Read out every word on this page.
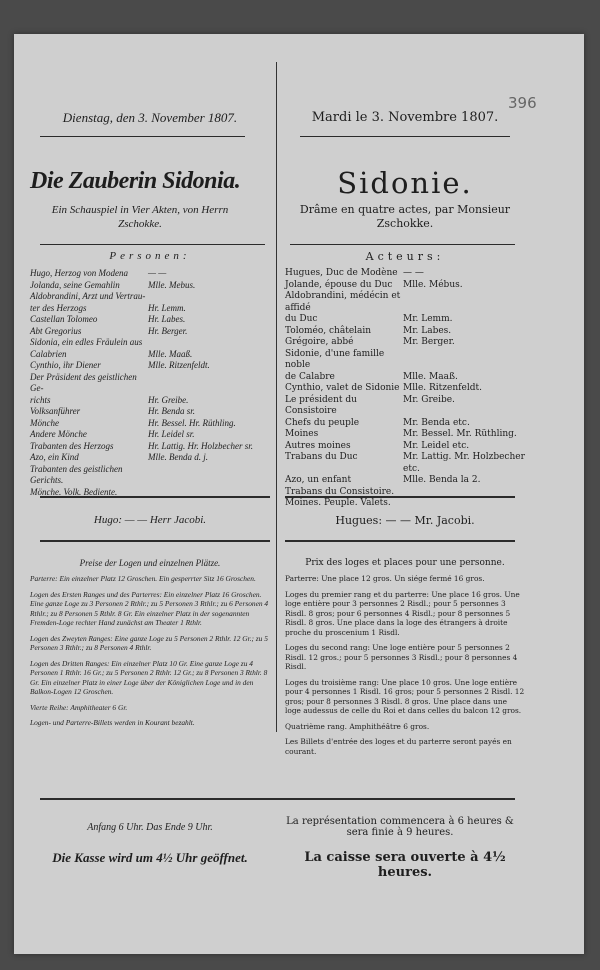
396
Dienstag, den 3. November 1807.	Mardi le 3. Novembre 1807.
Die Zauberin Sidonia.	Sidonie.
Ein Schauspiel in Vier Akten, von Herrn Zschokke.
Drâme en quatre actes, par Monsieur Zschokke.
Personen:	Acteurs:
Hugo, Herzog von Modena	— —
Jolanda, seine Gemahlin	Mlle. Mebus.
Aldobrandini, Arzt und Vertrau-	
ter des Herzogs	Hr. Lemm.
Castellan Tolomeo	Hr. Labes.
Abt Gregorius	Hr. Berger.
Sidonia, ein edles Fräulein aus	
Calabrien	Mlle. Maaß.
Cynthio, ihr Diener	Mlle. Ritzenfeldt.
Der Präsident des geistlichen Ge-	
richts	Hr. Greibe.
Volksanführer	Hr. Benda sr.
Mönche	Hr. Bessel. Hr. Rüthling.
Andere Mönche	Hr. Leidel sr.
Trabanten des Herzogs	Hr. Lattig. Hr. Holzbecher sr.
Azo, ein Kind	Mlle. Benda d. j.
Trabanten des geistlichen Gerichts.	
Mönche. Volk. Bediente.	
Hugues, Duc de Modène	— —
Jolande, épouse du Duc	Mlle. Mébus.
Aldobrandini, médécin et affidé	
du Duc	Mr. Lemm.
Toloméo, châtelain	Mr. Labes.
Grégoire, abbé	Mr. Berger.
Sidonie, d'une famille noble	
de Calabre	Mlle. Maaß.
Cynthio, valet de Sidonie	Mlle. Ritzenfeldt.
Le président du Consistoire	Mr. Greibe.
Chefs du peuple	Mr. Benda etc.
Moines	Mr. Bessel. Mr. Rüthling.
Autres moines	Mr. Leidel etc.
Trabans du Duc	Mr. Lattig. Mr. Holzbecher etc.
Azo, un enfant	Mlle. Benda la 2.
Trabans du Consistoire.	
Moines. Peuple. Valets.	
Hugo: — — Herr Jacobi.	Hugues: — — Mr. Jacobi.
Preise der Logen und einzelnen Plätze.	Prix des loges et places pour une personne.
Parterre: Ein einzelner Platz 12 Groschen. Ein gesperrter Sitz 16 Groschen.
Logen des Ersten Ranges und des Parterres: Ein einzelner Platz 16 Groschen. Eine ganze Loge zu 3 Personen 2 Rthlr.; zu 5 Personen 3 Rthlr.; zu 6 Personen 4 Rthlr.; zu 8 Personen 5 Rthlr. 8 Gr. Ein einzelner Platz in der sogenannten Fremden-Loge rechter Hand zunächst am Theater 1 Rthlr.
Logen des Zweyten Ranges: Eine ganze Loge zu 5 Personen 2 Rthlr. 12 Gr.; zu 5 Personen 3 Rthlr.; zu 8 Personen 4 Rthlr.
Logen des Dritten Ranges: Ein einzelner Platz 10 Gr. Eine ganze Loge zu 4 Personen 1 Rthlr. 16 Gr.; zu 5 Personen 2 Rthlr. 12 Gr.; zu 8 Personen 3 Rthlr. 8 Gr. Ein einzelner Platz in einer Loge über der Königlichen Loge und in den Balkon-Logen 12 Groschen.
Vierte Reihe: Amphitheater 6 Gr.
Logen- und Parterre-Billets werden in Kourant bezahlt.
Parterre: Une place 12 gros. Un siége fermé 16 gros.
Loges du premier rang et du parterre: Une place 16 gros. Une loge entière pour 3 personnes 2 Risdl.; pour 5 personnes 3 Risdl. 8 gros; pour 6 personnes 4 Risdl.; pour 8 personnes 5 Risdl. 8 gros. Une place dans la loge des étrangers à droite proche du proscenium 1 Risdl.
Loges du second rang: Une loge entière pour 5 personnes 2 Risdl. 12 gros.; pour 5 personnes 3 Risdl.; pour 8 personnes 4 Risdl.
Loges du troisième rang: Une place 10 gros. Une loge entière pour 4 personnes 1 Risdl. 16 gros; pour 5 personnes 2 Risdl. 12 gros; pour 8 personnes 3 Risdl. 8 gros. Une place dans une loge audessus de celle du Roi et dans celles du balcon 12 gros.
Quatrième rang. Amphithéâtre 6 gros.
Les Billets d'entrée des loges et du parterre seront payés en courant.
Anfang 6 Uhr. Das Ende 9 Uhr.
La représentation commencera à 6 heures & sera finie à 9 heures.
Die Kasse wird um 4½ Uhr geöffnet.	La caisse sera ouverte à 4½ heures.
